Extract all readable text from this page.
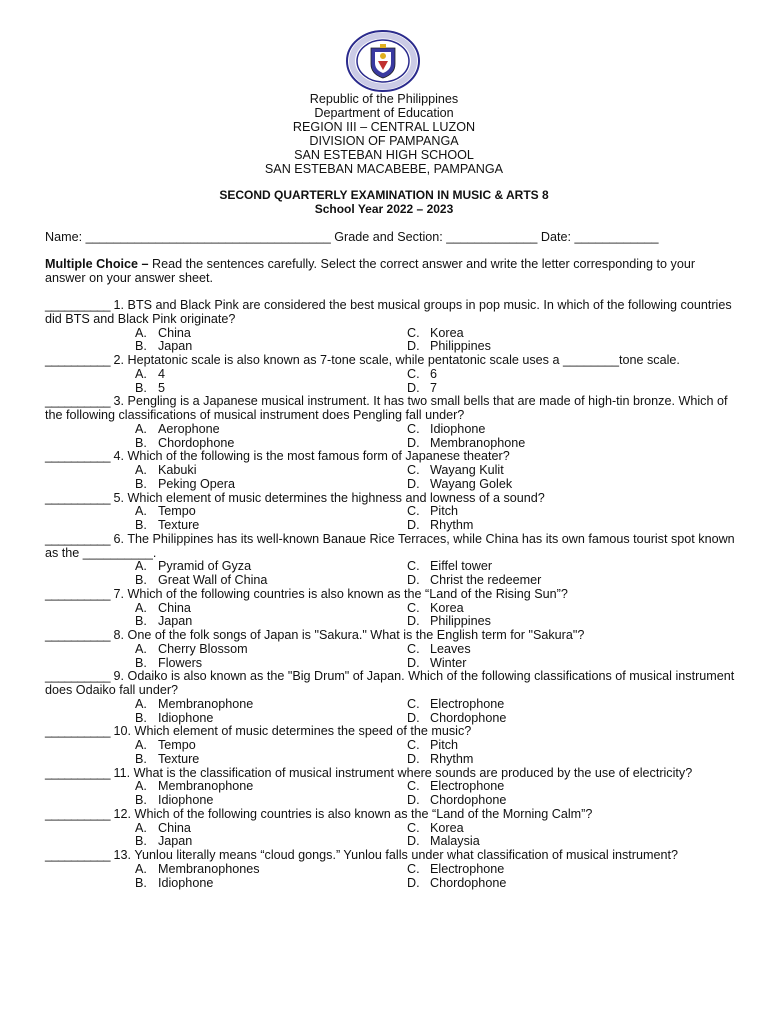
Republic of the Philippines
Department of Education
REGION III – CENTRAL LUZON
DIVISION OF PAMPANGA
SAN ESTEBAN HIGH SCHOOL
SAN ESTEBAN MACABEBE, PAMPANGA
SECOND QUARTERLY EXAMINATION IN MUSIC & ARTS 8
School Year 2022 – 2023
Name: ___________________________________ Grade and Section: _____________ Date: ____________
Multiple Choice – Read the sentences carefully. Select the correct answer and write the letter corresponding to your answer on your answer sheet.
__________ 1. BTS and Black Pink are considered the best musical groups in pop music. In which of the following countries did BTS and Black Pink originate?
A. China	C. Korea
B. Japan	D. Philippines
__________ 2. Heptatonic scale is also known as 7-tone scale, while pentatonic scale uses a ________tone scale.
A. 4	C. 6
B. 5	D. 7
__________ 3. Pengling is a Japanese musical instrument. It has two small bells that are made of high-tin bronze. Which of the following classifications of musical instrument does Pengling fall under?
A. Aerophone	C. Idiophone
B. Chordophone	D. Membranophone
__________ 4. Which of the following is the most famous form of Japanese theater?
A. Kabuki	C. Wayang Kulit
B. Peking Opera	D. Wayang Golek
__________ 5. Which element of music determines the highness and lowness of a sound?
A. Tempo	C. Pitch
B. Texture	D. Rhythm
__________ 6. The Philippines has its well-known Banaue Rice Terraces, while China has its own famous tourist spot known as the __________.
A. Pyramid of Gyza	C. Eiffel tower
B. Great Wall of China	D. Christ the redeemer
__________ 7. Which of the following countries is also known as the “Land of the Rising Sun”?
A. China	C. Korea
B. Japan	D. Philippines
__________ 8. One of the folk songs of Japan is "Sakura." What is the English term for "Sakura"?
A. Cherry Blossom	C. Leaves
B. Flowers	D. Winter
__________ 9. Odaiko is also known as the "Big Drum" of Japan. Which of the following classifications of musical instrument does Odaiko fall under?
A. Membranophone	C. Electrophone
B. Idiophone	D. Chordophone
__________ 10. Which element of music determines the speed of the music?
A. Tempo	C. Pitch
B. Texture	D. Rhythm
__________ 11. What is the classification of musical instrument where sounds are produced by the use of electricity?
A. Membranophone	C. Electrophone
B. Idiophone	D. Chordophone
__________ 12. Which of the following countries is also known as the “Land of the Morning Calm”?
A. China	C. Korea
B. Japan	D. Malaysia
__________ 13. Yunlou literally means “cloud gongs.” Yunlou falls under what classification of musical instrument?
A. Membranophones	C. Electrophone
B. Idiophone	D. Chordophone
